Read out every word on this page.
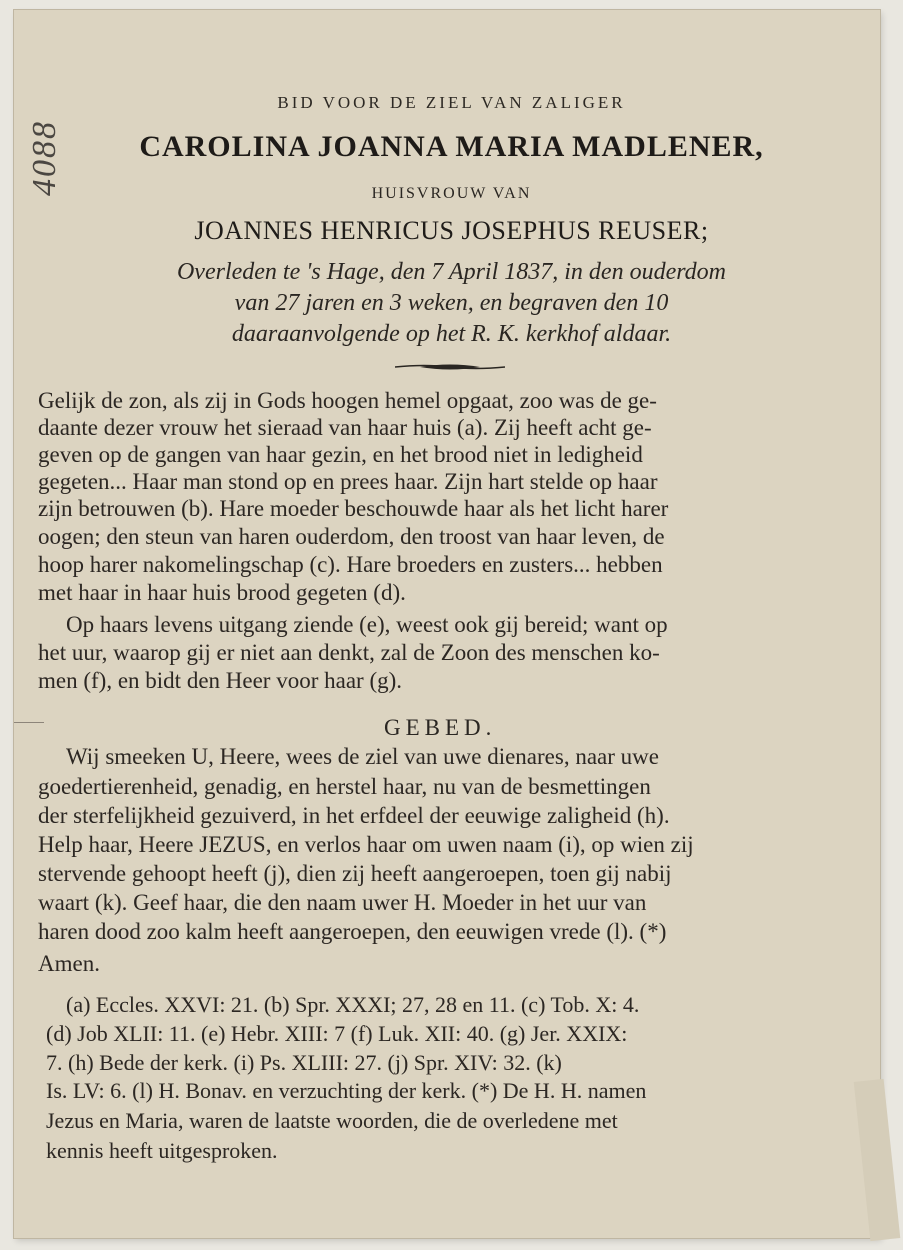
4088
BID VOOR DE ZIEL VAN ZALIGER
CAROLINA JOANNA MARIA MADLENER,
HUISVROUW VAN
JOANNES HENRICUS JOSEPHUS REUSER;
Overleden te 's Hage, den 7 April 1837, in den ouderdom
van 27 jaren en 3 weken, en begraven den 10
daaraanvolgende op het R. K. kerkhof aldaar.
Gelijk de zon, als zij in Gods hoogen hemel opgaat, zoo was de ge-
daante dezer vrouw het sieraad van haar huis (a). Zij heeft acht ge-
geven op de gangen van haar gezin, en het brood niet in ledigheid
gegeten... Haar man stond op en prees haar. Zijn hart stelde op haar
zijn betrouwen (b). Hare moeder beschouwde haar als het licht harer
oogen; den steun van haren ouderdom, den troost van haar leven, de
hoop harer nakomelingschap (c). Hare broeders en zusters... hebben
met haar in haar huis brood gegeten (d).
Op haars levens uitgang ziende (e), weest ook gij bereid; want op
het uur, waarop gij er niet aan denkt, zal de Zoon des menschen ko-
men (f), en bidt den Heer voor haar (g).
GEBED.
Wij smeeken U, Heere, wees de ziel van uwe dienares, naar uwe
goedertierenheid, genadig, en herstel haar, nu van de besmettingen
der sterfelijkheid gezuiverd, in het erfdeel der eeuwige zaligheid (h).
Help haar, Heere JEZUS, en verlos haar om uwen naam (i), op wien zij
stervende gehoopt heeft (j), dien zij heeft aangeroepen, toen gij nabij
waart (k). Geef haar, die den naam uwer H. Moeder in het uur van
haren dood zoo kalm heeft aangeroepen, den eeuwigen vrede (l). (*)
Amen.
(a) Eccles. XXVI: 21. (b) Spr. XXXI; 27, 28 en 11. (c) Tob. X: 4.
(d) Job XLII: 11. (e) Hebr. XIII: 7 (f) Luk. XII: 40. (g) Jer. XXIX:
7. (h) Bede der kerk. (i) Ps. XLIII: 27. (j) Spr. XIV: 32. (k)
Is. LV: 6. (l) H. Bonav. en verzuchting der kerk. (*) De H. H. namen
Jezus en Maria, waren de laatste woorden, die de overledene met
kennis heeft uitgesproken.
